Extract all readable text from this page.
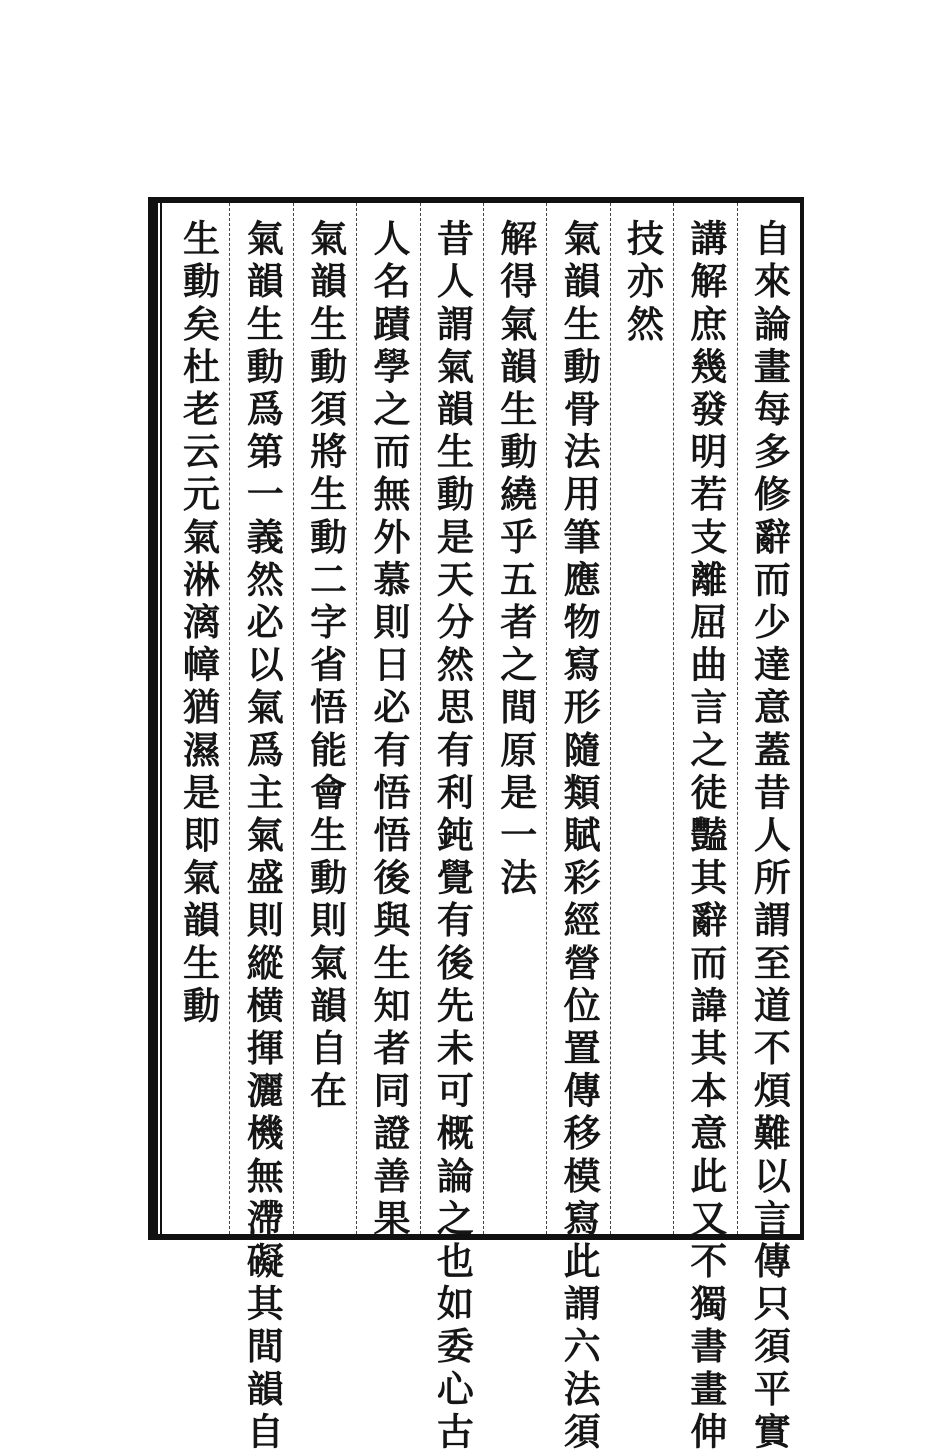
自來論畫每多修辭而少達意蓋昔人所謂至道不煩難以言傳只須平實
講解庶幾發明若支離屈曲言之徒豔其辭而諱其本意此又不獨書畫伸
技亦然
氣韻生動骨法用筆應物寫形隨類賦彩經營位置傳移模寫此謂六法須
解得氣韻生動繞乎五者之間原是一法
昔人謂氣韻生動是天分然思有利鈍覺有後先未可概論之也如委心古
人名蹟學之而無外慕則日必有悟悟後與生知者同證善果
氣韻生動須將生動二字省悟能會生動則氣韻自在
氣韻生動爲第一義然必以氣爲主氣盛則縱横揮灑機無滯礙其間韻自
生動矣杜老云元氣淋漓幛猶濕是即氣韻生動
